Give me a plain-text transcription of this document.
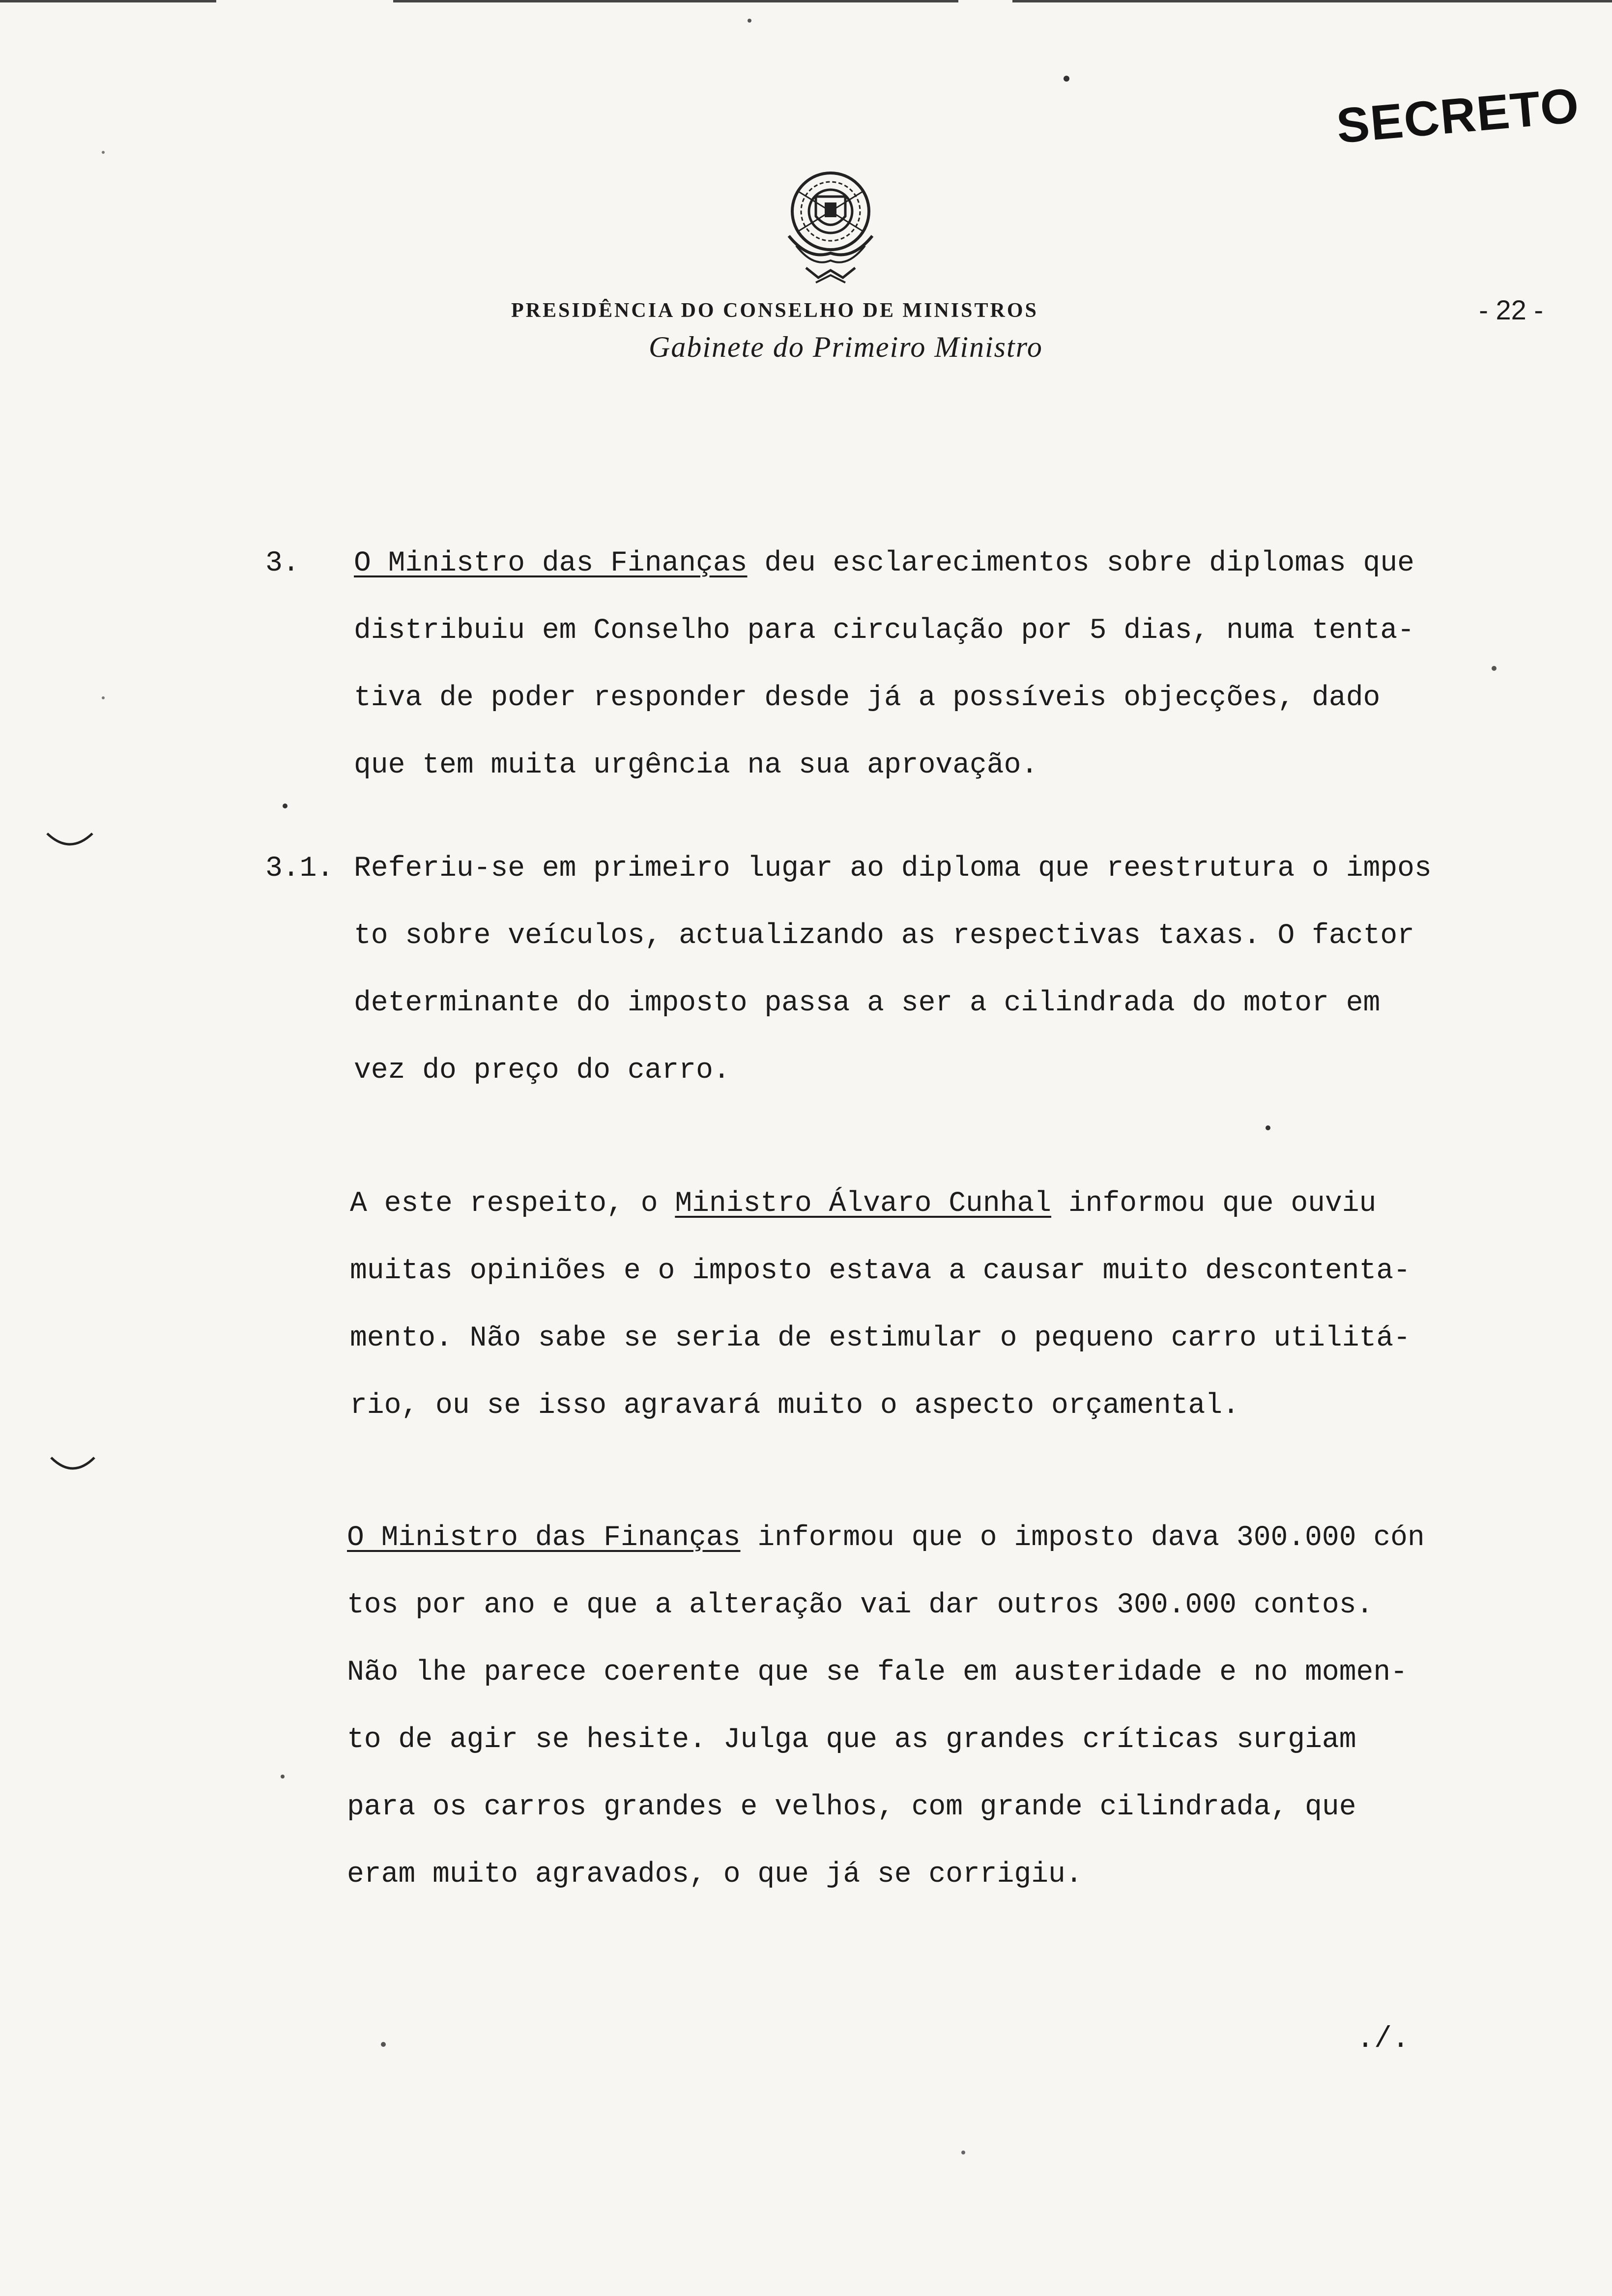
SECRETO
PRESIDÊNCIA DO CONSELHO DE MINISTROS
Gabinete do Primeiro Ministro
- 22 -
3. O Ministro das Finanças deu esclarecimentos sobre diplomas que
distribuiu em Conselho para circulação por 5 dias, numa tenta-
tiva de poder responder desde já a possíveis objecções, dado
que tem muita urgência na sua aprovação.
3.1. Referiu-se em primeiro lugar ao diploma que reestrutura o impos
to sobre veículos, actualizando as respectivas taxas. O factor
determinante do imposto passa a ser a cilindrada do motor em
vez do preço do carro.
A este respeito, o Ministro Álvaro Cunhal informou que ouviu
muitas opiniões e o imposto estava a causar muito descontenta-
mento. Não sabe se seria de estimular o pequeno carro utilitá-
rio, ou se isso agravará muito o aspecto orçamental.
O Ministro das Finanças informou que o imposto dava 300.000 cón
tos por ano e que a alteração vai dar outros 300.000 contos.
Não lhe parece coerente que se fale em austeridade e no momen-
to de agir se hesite. Julga que as grandes críticas surgiam
para os carros grandes e velhos, com grande cilindrada, que
eram muito agravados, o que já se corrigiu.
./.
